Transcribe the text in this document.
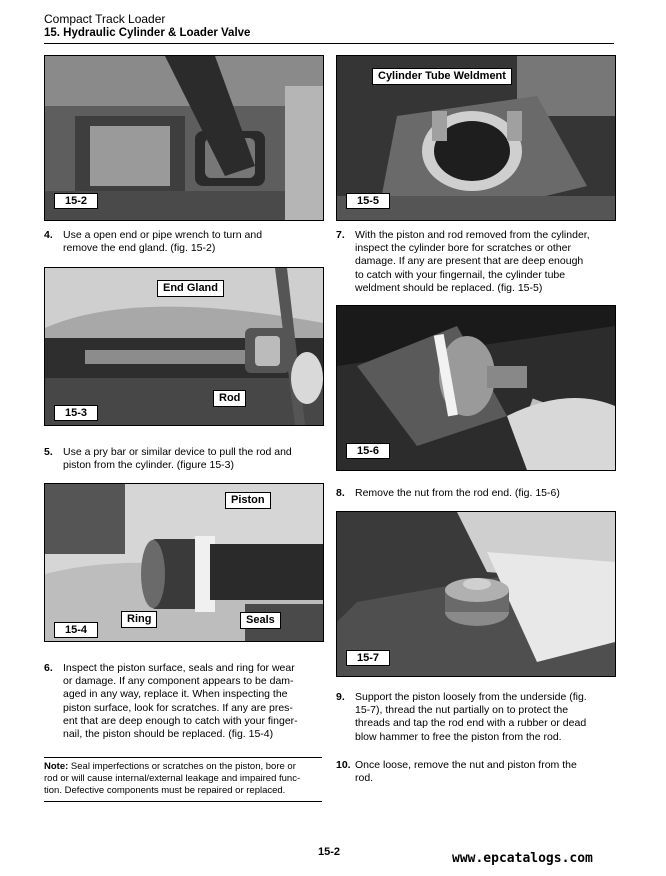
Compact Track Loader
15. Hydraulic Cylinder & Loader Valve
15-2
4. Use a open end or pipe wrench to turn and
remove the end gland. (fig. 15-2)
End Gland
Rod
15-3
5. Use a pry bar or similar device to pull the rod and
piston from the cylinder. (figure 15-3)
Piston
Ring	Seals
15-4
6. Inspect the piston surface, seals and ring for wear
or damage. If any component appears to be dam-
aged in any way, replace it. When inspecting the
piston surface, look for scratches. If any are pres-
ent that are deep enough to catch with your finger-
nail, the piston should be replaced. (fig. 15-4)
Note: Seal imperfections or scratches on the piston, bore or
rod or will cause internal/external leakage and impaired func-
tion. Defective components must be repaired or replaced.
Cylinder Tube Weldment
15-5
7. With the piston and rod removed from the cylinder,
inspect the cylinder bore for scratches or other
damage. If any are present that are deep enough
to catch with your fingernail, the cylinder tube
weldment should be replaced. (fig. 15-5)
15-6
8. Remove the nut from the rod end. (fig. 15-6)
15-7
9. Support the piston loosely from the underside (fig.
15-7), thread the nut partially on to protect the
threads and tap the rod end with a rubber or dead
blow hammer to free the piston from the rod.
10. Once loose, remove the nut and piston from the
rod.
15-2	www.epcatalogs.com
